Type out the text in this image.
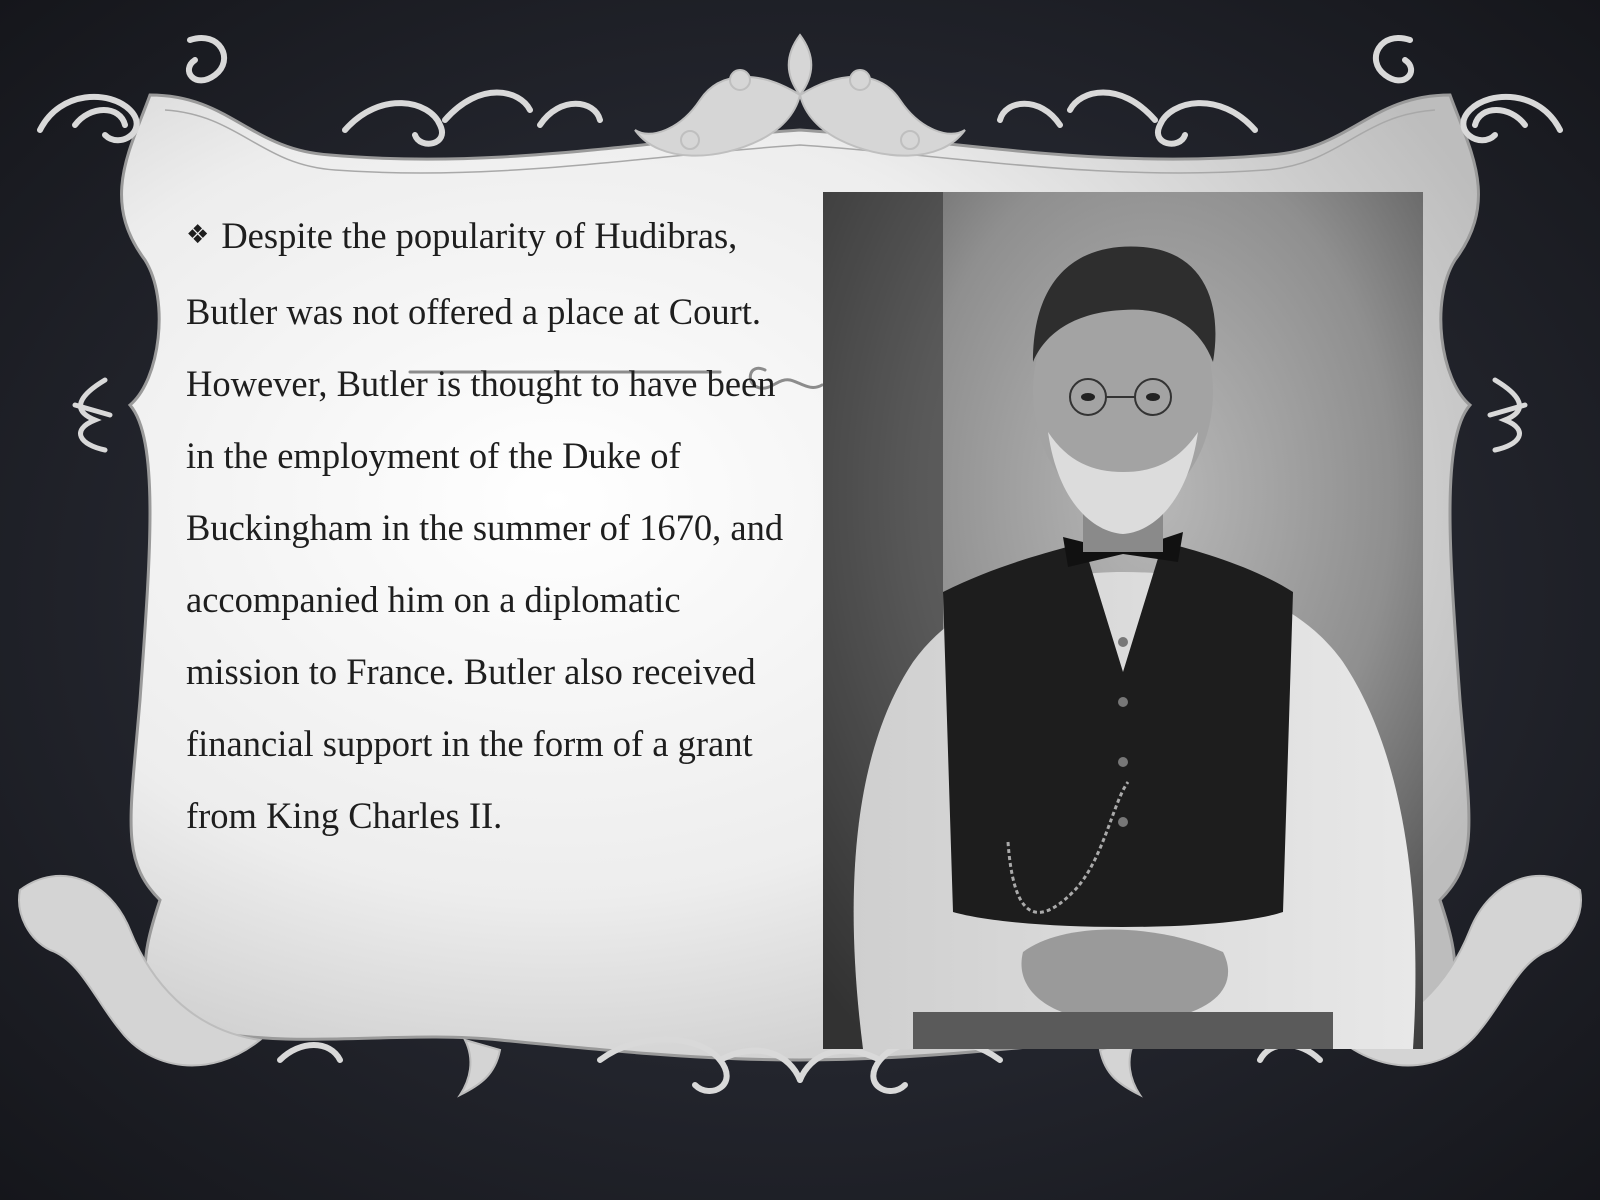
❖ Despite the popularity of Hudibras, Butler was not offered a place at Court. However, Butler is thought to have been in the employment of the Duke of Buckingham in the summer of 1670, and accompanied him on a diplomatic mission to France. Butler also received financial support in the form of a grant from King Charles II.
